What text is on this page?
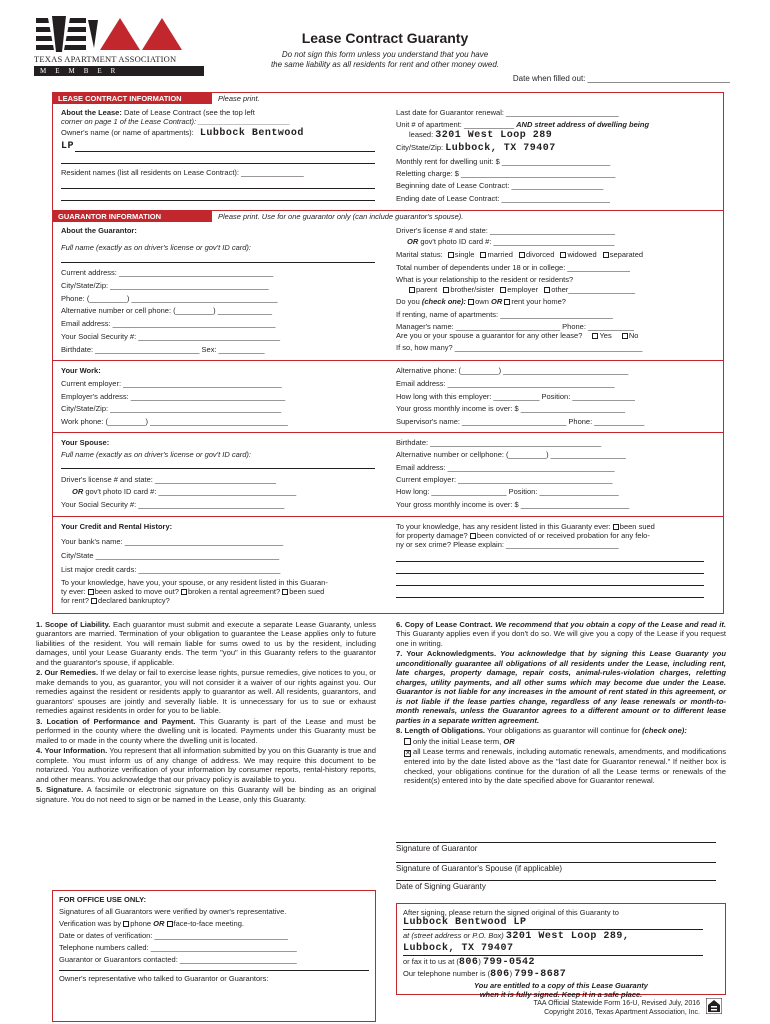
TEXAS APARTMENT ASSOCIATION
MEMBER
Lease Contract Guaranty
Do not sign this form unless you understand that you have
the same liability as all residents for rent and other money owed.
Date when filled out: ________________________________
LEASE CONTRACT INFORMATION	Please print.
About the Lease: Date of Lease Contract (see the top left
corner on page 1 of the Lease Contract): ______________________
Owner's name (or name of apartments): Lubbock Bentwood
LP
Resident names (list all residents on Lease Contract): _______________
Last date for Guarantor renewal: ___________________________
Unit # of apartment: ____________ AND street address of dwelling being
leased: 3201 West Loop 289
City/State/Zip: Lubbock, TX 79407
Monthly rent for dwelling unit: $ __________________________
Reletting charge: $ _____________________________________
Beginning date of Lease Contract: ______________________
Ending date of Lease Contract: __________________________
GUARANTOR INFORMATION	Please print. Use for one guarantor only (can include guarantor's spouse).
About the Guarantor:
Full name (exactly as on driver's license or gov't ID card):
Current address: _____________________________________
City/State/Zip: ______________________________________
Phone: (_________) ___________________________________
Alternative number or cell phone: (_________) _____________
Email address: _______________________________________
Your Social Security #: __________________________________
Birthdate: _________________________ Sex: ___________
Driver's license # and state: ______________________________
OR gov't photo ID card #: _____________________________
Marital status: single married divorced widowed separated
Total number of dependents under 18 or in college: _______________
What is your relationship to the resident or residents?
parent brother/sister employer other________________
Do you (check one): own OR rent your home?
If renting, name of apartments: ___________________________
Manager's name: _________________________ Phone: ___________
Are you or your spouse a guarantor for any other lease? Yes No
If so, how many? _____________________________________________
Your Work:
Current employer: ______________________________________
Employer's address: _____________________________________
City/State/Zip: _________________________________________
Work phone: (_________) _________________________________
Alternative phone: (_________) ______________________________
Email address: ________________________________________
How long with this employer: ___________ Position: _______________
Your gross monthly income is over: $ _________________________
Supervisor's name: _________________________ Phone: ____________
Your Spouse:
Full name (exactly as on driver's license or gov't ID card):
Driver's license # and state: _____________________________
OR gov't photo ID card #: _________________________________
Your Social Security #: ___________________________________
Birthdate: _________________________________________
Alternative number or cellphone: (_________) __________________
Email address: ________________________________________
Current employer: _____________________________________
How long: __________________ Position: ___________________
Your gross monthly income is over: $ __________________________
Your Credit and Rental History:
Your bank's name: ______________________________________
City/State ____________________________________________
List major credit cards: __________________________________
To your knowledge, have you, your spouse, or any resident listed in this Guaran-
ty ever: been asked to move out? broken a rental agreement? been sued
for rent? declared bankruptcy?
To your knowledge, has any resident listed in this Guaranty ever: been sued
for property damage? been convicted of or received probation for any felo-
ny or sex crime? Please explain: ___________________________

1. Scope of Liability. Each guarantor must submit and execute a separate Lease Guaranty, unless guarantors are married. Termination of your obligation to guarantee the Lease applies only to future liabilities of the resident. You will remain liable for sums owed to us by the resident, including damages, until your Lease Guaranty ends. The term "you" in this Guaranty refers to the guarantor and the guarantor's spouse, if applicable.

2. Our Remedies. If we delay or fail to exercise lease rights, pursue remedies, give notices to you, or make demands to you, as guarantor, you will not consider it a waiver of our rights against you. Our remedies against the resident or residents apply to guarantor as well. All residents, guarantors, and guarantors' spouses are jointly and severally liable. It is unnecessary for us to sue or exhaust remedies against residents in order for you to be liable.

3. Location of Performance and Payment. This Guaranty is part of the Lease and must be performed in the county where the dwelling unit is located. Payments under this Guaranty must be mailed to or made in the county where the dwelling unit is located.

4. Your Information. You represent that all information submitted by you on this Guaranty is true and complete. You must inform us of any change of address. We may require this document to be notarized. You authorize verification of your information by consumer reports, rental-history reports, and other means. You acknowledge that our privacy policy is available to you.

5. Signature. A facsimile or electronic signature on this Guaranty will be binding as an original signature. You do not need to sign or be named in the Lease, only this Guaranty.

FOR OFFICE USE ONLY:
Signatures of all Guarantors were verified by owner's representative.
Verification was by phone OR face-to-face meeting.
Date or dates of verification: ________________________________
Telephone numbers called: ___________________________________
Guarantor or Guarantors contacted: ____________________________
Owner's representative who talked to Guarantor or Guarantors:

6. Copy of Lease Contract. We recommend that you obtain a copy of the Lease and read it. This Guaranty applies even if you don't do so. We will give you a copy of the Lease if you request one in writing.

7. Your Acknowledgments. You acknowledge that by signing this Lease Guaranty you unconditionally guarantee all obligations of all residents under the Lease, including rent, late charges, property damage, repair costs, animal-rules-violation charges, reletting charges, utility payments, and all other sums which may become due under the Lease. Guarantor is not liable for any increases in the amount of rent stated in this agreement, or is not liable if the lease parties change, regardless of any lease renewals or month-to-month renewals, unless the Guarantor agrees to a different amount or to different lease parties in a separate written agreement.

8. Length of Obligations. Your obligations as guarantor will continue for (check one):

only the initial Lease term, OR

✕ all Lease terms and renewals, including automatic renewals, amendments, and modifications entered into by the date listed above as the "last date for Guarantor renewal." If neither box is checked, your obligations continue for the duration of all the Lease terms or renewals of the resident(s) entered into by the date specified above for Guarantor renewal.

Signature of Guarantor
Signature of Guarantor's Spouse (if applicable)
Date of Signing Guaranty
After signing, please return the signed original of this Guaranty to
Lubbock Bentwood LP
at (street address or P.O. Box) 3201 West Loop 289,
Lubbock, TX 79407
or fax it to us at (806) 799-0542
Our telephone number is (806) 799-8687
You are entitled to a copy of this Lease Guaranty
when it is fully signed. Keep it in a safe place.
TAA Official Statewide Form 16-U, Revised July, 2016
Copyright 2016, Texas Apartment Association, Inc.
